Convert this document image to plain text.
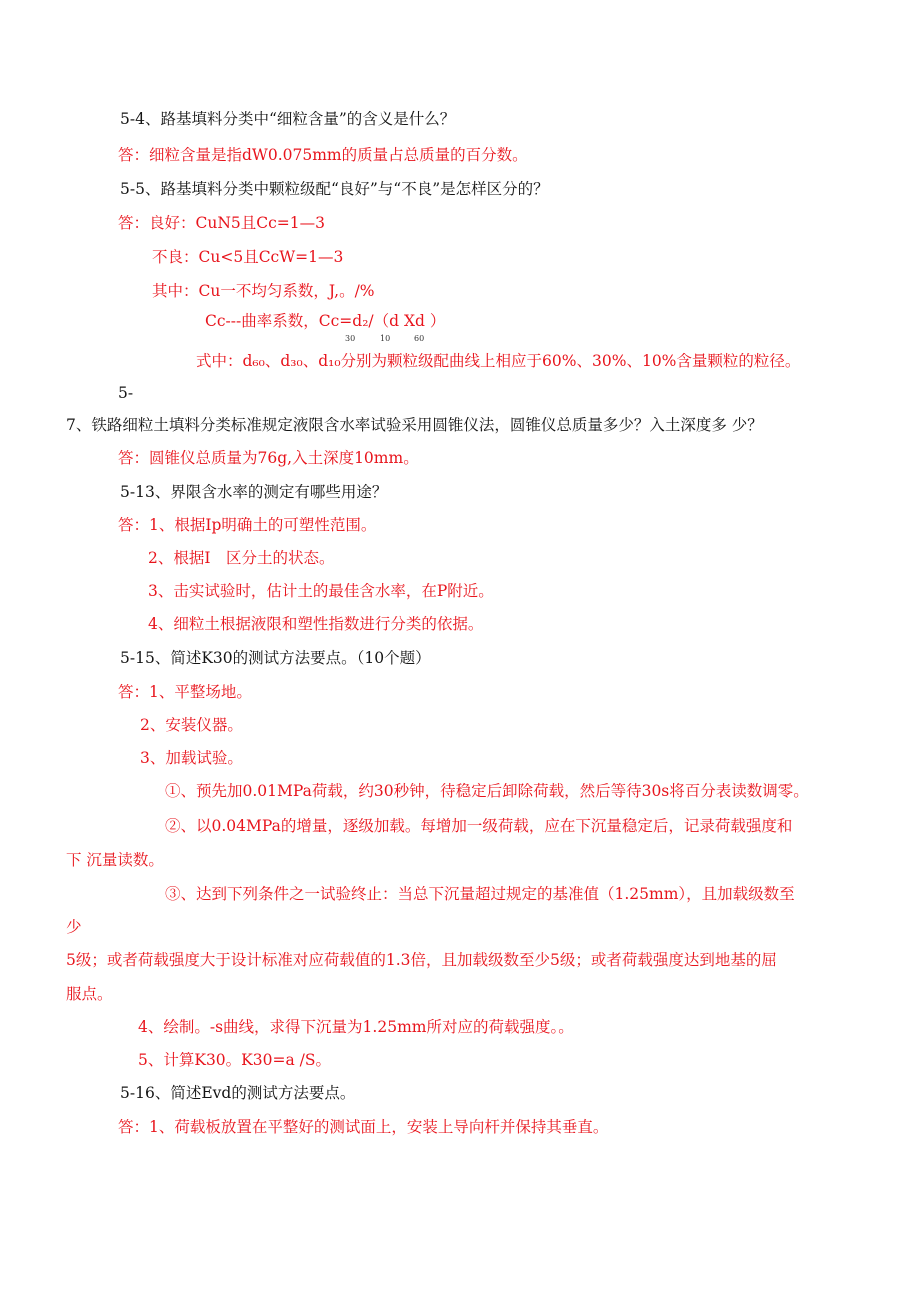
5-4、路基填料分类中“细粒含量”的含义是什么？
答：细粒含量是指dW0.075mm的质量占总质量的百分数。
5-5、路基填料分类中颗粒级配“良好”与“不良”是怎样区分的？
答：良好：CuN5且Cc=1—3
不良：Cu<5且CcW=1—3
其中：Cu一不均匀系数，J,。/%
Cc---曲率系数，Cc=d₂/（d Xd ）
30	10	60
式中：d₆₀、d₃₀、d₁₀分别为颗粒级配曲线上相应于60%、30%、10%含量颗粒的粒径。
5-
7、铁路细粒土填料分类标准规定液限含水率试验采用圆锥仪法，圆锥仪总质量多少？入土深度多 少？
答：圆锥仪总质量为76g,入土深度10mm。
5-13、界限含水率的测定有哪些用途？
答：1、根据Ip明确土的可塑性范围。
2、根据I　区分土的状态。
3、击实试验时，估计土的最佳含水率，在P附近。
4、细粒土根据液限和塑性指数进行分类的依据。
5-15、简述K30的测试方法要点。（10个题）
答：1、平整场地。
2、安装仪器。
3、加载试验。
①、预先加0.01MPa荷载，约30秒钟，待稳定后卸除荷载，然后等待30s将百分表读数调零。
②、以0.04MPa的增量，逐级加载。每增加一级荷载，应在下沉量稳定后，记录荷载强度和
下 沉量读数。
③、达到下列条件之一试验终止：当总下沉量超过规定的基准值（1.25mm），且加载级数至
少
5级；或者荷载强度大于设计标准对应荷载值的1.3倍，且加载级数至少5级；或者荷载强度达到地基的屈
服点。
4、绘制。-s曲线，求得下沉量为1.25mm所对应的荷载强度。。
5、计算K30。K30=a /S。
5-16、简述Evd的测试方法要点。
答：1、荷载板放置在平整好的测试面上，安装上导向杆并保持其垂直。
